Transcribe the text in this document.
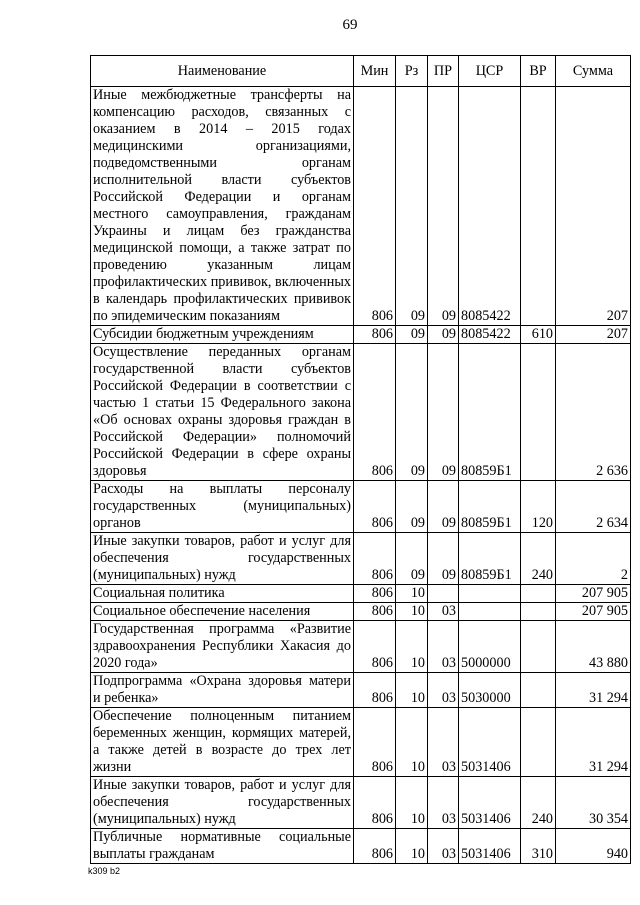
69
Наименование	Мин	Рз	ПР	ЦСР	ВР	Сумма
Иные межбюджетные трансферты на компенсацию расходов, связанных с оказанием в 2014 – 2015 годах медицинскими организациями, подведомственными органам исполнительной власти субъектов Российской Федерации и органам местного самоуправления, гражданам Украины и лицам без гражданства медицинской помощи, а также затрат по проведению указанным лицам профилактических прививок, включенных в календарь профилактических прививок по эпидемическим показаниям	806	09	09	8085422		207
Субсидии бюджетным учреждениям	806	09	09	8085422	610	207
Осуществление переданных органам государственной власти субъектов Российской Федерации в соответствии с частью 1 статьи 15 Федерального закона «Об основах охраны здоровья граждан в Российской Федерации» полномочий Российской Федерации в сфере охраны здоровья	806	09	09	80859Б1		2 636
Расходы на выплаты персоналу государственных (муниципальных) органов	806	09	09	80859Б1	120	2 634
Иные закупки товаров, работ и услуг для обеспечения государственных (муниципальных) нужд	806	09	09	80859Б1	240	2
Социальная политика	806	10				207 905
Социальное обеспечение населения	806	10	03			207 905
Государственная программа «Развитие здравоохранения Республики Хакасия до 2020 года»	806	10	03	5000000		43 880
Подпрограмма «Охрана здоровья матери и ребенка»	806	10	03	5030000		31 294
Обеспечение полноценным питанием беременных женщин, кормящих матерей, а также детей в возрасте до трех лет жизни	806	10	03	5031406		31 294
Иные закупки товаров, работ и услуг для обеспечения государственных (муниципальных) нужд	806	10	03	5031406	240	30 354
Публичные нормативные социальные выплаты гражданам	806	10	03	5031406	310	940
k309 b2
